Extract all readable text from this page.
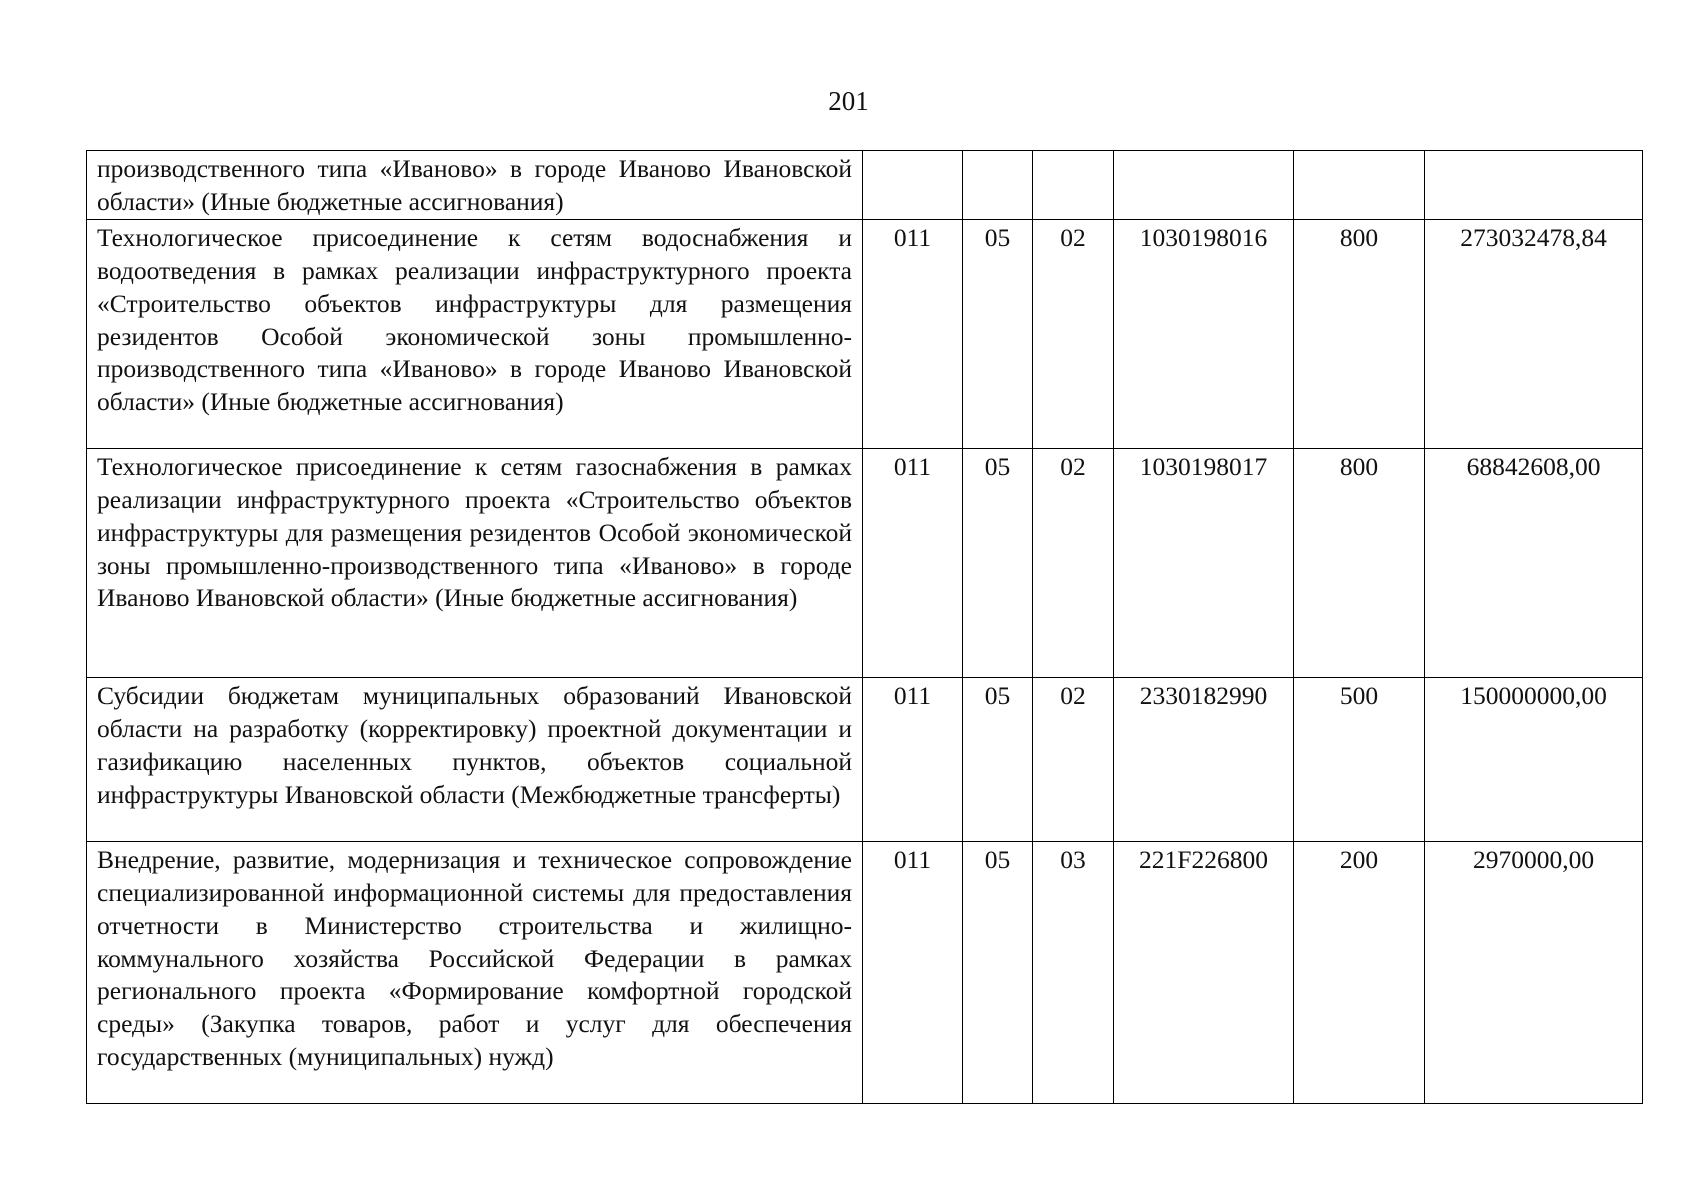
201
производственного типа «Иваново» в городе Иваново Ивановской области» (Иные бюджетные ассигнования)						
Технологическое присоединение к сетям водоснабжения и водоотведения в рамках реализации инфраструктурного проекта «Строительство объектов инфраструктуры для размещения резидентов Особой экономической зоны промышленно-производственного типа «Иваново» в городе Иваново Ивановской области» (Иные бюджетные ассигнования)	011	05	02	1030198016	800	273032478,84
Технологическое присоединение к сетям газоснабжения в рамках реализации инфраструктурного проекта «Строительство объектов инфраструктуры для размещения резидентов Особой экономической зоны промышленно-производственного типа «Иваново» в городе Иваново Ивановской области» (Иные бюджетные ассигнования)	011	05	02	1030198017	800	68842608,00
Субсидии бюджетам муниципальных образований Ивановской области на разработку (корректировку) проектной документации и газификацию населенных пунктов, объектов социальной инфраструктуры Ивановской области (Межбюджетные трансферты)	011	05	02	2330182990	500	150000000,00
Внедрение, развитие, модернизация и техническое сопровождение специализированной информационной системы для предоставления отчетности в Министерство строительства и жилищно-коммунального хозяйства Российской Федерации в рамках регионального проекта «Формирование комфортной городской среды» (Закупка товаров, работ и услуг для обеспечения государственных (муниципальных) нужд)	011	05	03	221F226800	200	2970000,00
